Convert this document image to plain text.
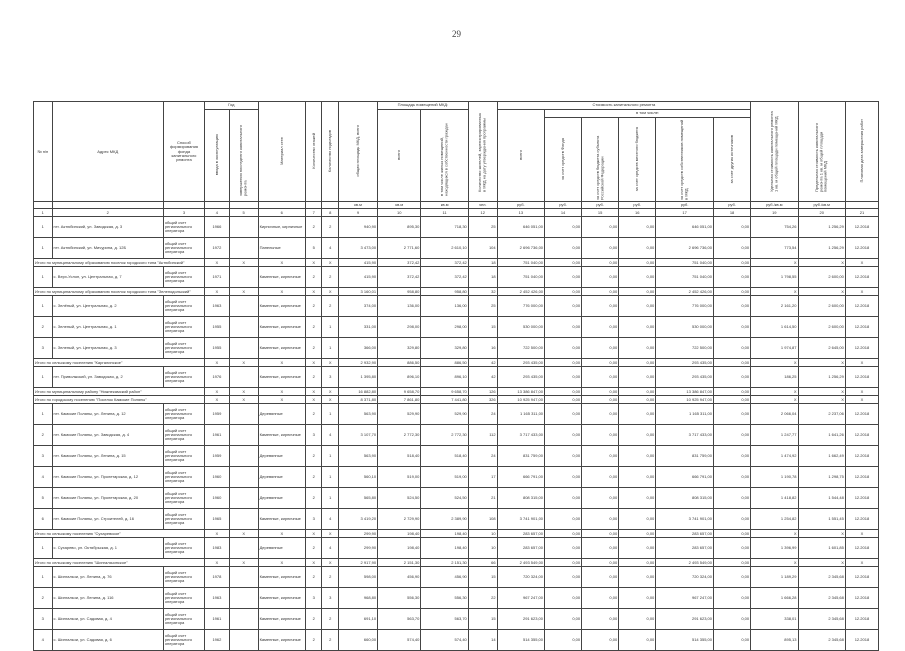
29
№ п/п	Адрес МКД	Способ формирования фонда капитального ремонта	Год		Материал стен	Количество этажей	Количество подъездов	общая площадь МКД, всего	Площадь помещений МКД:		Количество жителей, зарегистрированных в МКД на дату утверждения программы	Стоимость капитального ремонта						Удельная стоимость капитального ремонта 1 кв. м общей площади помещений МКД	Предельная стоимость капитального ремонта 1 кв. м общей площади помещений МКД	Плановая дата завершения работ
			ввода в эксплуатацию	завершения последнего капитального ремонта					всего	в том числе жилых помещений, находящихся в собственности граждан		всего	в том числе:							
													за счет средств Фонда	за счет средств бюджета субъекта Российской Федерации	за счет средств местного бюджета	за счет средств собственников помещений в МКД	за счет других источников			
								кв.м	кв.м	кв.м	чел.	руб.	руб.	руб.	руб.	руб.	руб.	руб./кв.м	руб./кв.м	
1	2	3	4	5	6	7	8	9	10	11	12	13	14	15	16	17	18	19	20	21
1	пгт. Актюбинский, ул. Заводская, д. 3	общий счет регионального оператора	1966		Кирпичные, кирпичные	2	2	940,90	895,30	718,30	25	646 051,00	0,00	0,00	0,00	646 051,00	0,00	754,26	1 256,29	12.2018
1	пгт. Актюбинский, ул. Мичурина, д. 12Б	общий счет регионального оператора	1972		Панельные	5	4	3 473,00	2 771,60	2 610,10	104	2 696 736,00	0,00	0,00	0,00	2 696 736,00	0,00	773,54	1 256,29	12.2018
Итого по муниципальному образованию поселок городского типа "Актюбинский"			X	X	X	X	X	415,90	372,42	372,42	18	751 040,00	0,00	0,00	0,00	751 040,00	0,00	X	X	X
1	с. Верх-Услон, ул. Центральная, д. 7	общий счет регионального оператора	1971		Каменные, кирпичные	2	2	415,90	372,42	372,42	18	751 040,00	0,00	0,00	0,00	751 040,00	0,00	1 798,55	2 600,00	12.2018
Итого по муниципальному образованию поселок городского типа "Зеленодольский"			X	X	X	X	X	3 160,01	958,80	958,80	32	2 452 426,00	0,00	0,00	0,00	2 452 426,00	0,00	X	X	X
1	с. Зелёный, ул. Центральная, д. 2	общий счет регионального оператора	1963		Каменные, кирпичные	2	2	374,00	136,00	136,00	25	776 000,00	0,00	0,00	0,00	776 000,00	0,00	2 161,20	2 600,00	12.2018
2	с. Зеленый, ул. Центральная, д. 1	общий счет регионального оператора	1955		Каменные, кирпичные	2	1	331,00	298,00	298,00	15	530 000,00	0,00	0,00	0,00	530 000,00	0,00	1 614,50	2 600,00	12.2018
3	с. Зеленый, ул. Центральная, д. 3	общий счет регионального оператора	1955		Каменные, кирпичные	2	1	366,00	329,80	329,80	16	722 500,00	0,00	0,00	0,00	722 500,00	0,00	1 974,87	2 645,00	12.2018
Итого по сельскому поселению "Каргалинское"			X	X	X	X	X	2 932,90	886,50	886,50	42	293 435,00	0,00	0,00	0,00	293 435,00	0,00	X	X	X
1	пгт. Приволжский, ул. Заводская, д. 2	общий счет регионального оператора	1976		Каменные, кирпичные	2	3	1 395,80	896,10	896,10	42	293 435,00	0,00	0,00	0,00	293 435,00	0,00	186,25	1 256,29	12.2018
Итого по муниципальному району "Нижнекамский район"			X	X	X	X	X	16 882,80	9 658,70	9 658,70	126	13 386 847,00	0,00	0,00	0,00	13 386 847,00	0,00	X	X	X
Итого по городскому поселению "Поселок Камские Поляны"			X	X	X	X	X	8 371,80	7 861,80	7 441,80	326	10 925 947,00	0,00	0,00	0,00	10 925 947,00	0,00	X	X	X
1	пгт. Камские Поляны, ул. Ленина, д. 12	общий счет регионального оператора	1959		Деревянные	2	1	563,90	529,90	529,90	24	1 165 311,00	0,00	0,00	0,00	1 165 311,00	0,00	2 066,04	2 237,06	12.2018
2	пгт. Камские Поляны, ул. Заводская, д. 4	общий счет регионального оператора	1961		Каменные, кирпичные	3	4	3 107,70	2 772,30	2 772,30	112	3 717 433,00	0,00	0,00	0,00	3 717 433,00	0,00	1 247,77	1 641,26	12.2018
3	пгт. Камские Поляны, ул. Ленина, д. 15	общий счет регионального оператора	1959		Деревянные	2	1	563,90	518,40	518,40	24	831 759,00	0,00	0,00	0,00	831 759,00	0,00	1 474,92	1 662,49	12.2018
4	пгт. Камские Поляны, ул. Пролетарская, д. 12	общий счет регионального оператора	1960		Деревянные	2	1	560,10	519,00	519,00	17	666 791,00	0,00	0,00	0,00	666 791,00	0,00	1 190,78	1 298,75	12.2018
5	пгт. Камские Поляны, ул. Пролетарская, д. 20	общий счет регионального оператора	1960		Деревянные	2	1	565,80	524,50	524,50	21	808 315,00	0,00	0,00	0,00	808 315,00	0,00	1 418,82	1 544,48	12.2018
6	пгт. Камские Поляны, ул. Строителей, д. 16	общий счет регионального оператора	1965		Каменные, кирпичные	3	4	3 419,20	2 729,90	2 389,90	108	3 741 901,00	0,00	0,00	0,00	3 741 901,00	0,00	1 254,82	1 551,45	12.2018
Итого по сельскому поселению "Сухаревское"			X	X	X	X	X	299,90	198,40	198,40	10	283 657,00	0,00	0,00	0,00	283 657,00	0,00	X	X	X
1	с. Сухарево, ул. Октябрьская, д. 1	общий счет регионального оператора	1983		Деревянные	2	4	299,90	198,40	198,40	10	283 657,00	0,00	0,00	0,00	283 657,00	0,00	1 396,99	1 601,85	12.2018
Итого по сельскому поселению "Шингальчинское"			X	X	X	X	X	2 917,90	2 151,30	2 151,30	66	2 493 549,00	0,00	0,00	0,00	2 493 549,00	0,00	X	X	X
1	с. Шингальчи, ул. Ленина, д. 76	общий счет регионального оператора	1978		Каменные, кирпичные	2	2	598,00	456,90	456,90	15	720 324,00	0,00	0,00	0,00	720 324,00	0,00	1 189,29	2 345,68	12.2018
2	с. Шингальчи, ул. Ленина, д. 116	общий счет регионального оператора	1963		Каменные, кирпичные	3	3	968,80	556,30	556,30	22	967 247,00	0,00	0,00	0,00	967 247,00	0,00	1 666,28	2 345,68	12.2018
3	с. Шингальчи, ул. Садовая, д. 4	общий счет регионального оператора	1961		Каменные, кирпичные	2	2	691,10	563,70	563,70	15	291 623,00	0,00	0,00	0,00	291 623,00	0,00	338,01	2 345,68	12.2018
4	с. Шингальчи, ул. Садовая, д. 6	общий счет регионального оператора	1962		Каменные, кирпичные	2	2	660,00	574,40	574,40	14	514 355,00	0,00	0,00	0,00	514 355,00	0,00	895,13	2 345,68	12.2018
